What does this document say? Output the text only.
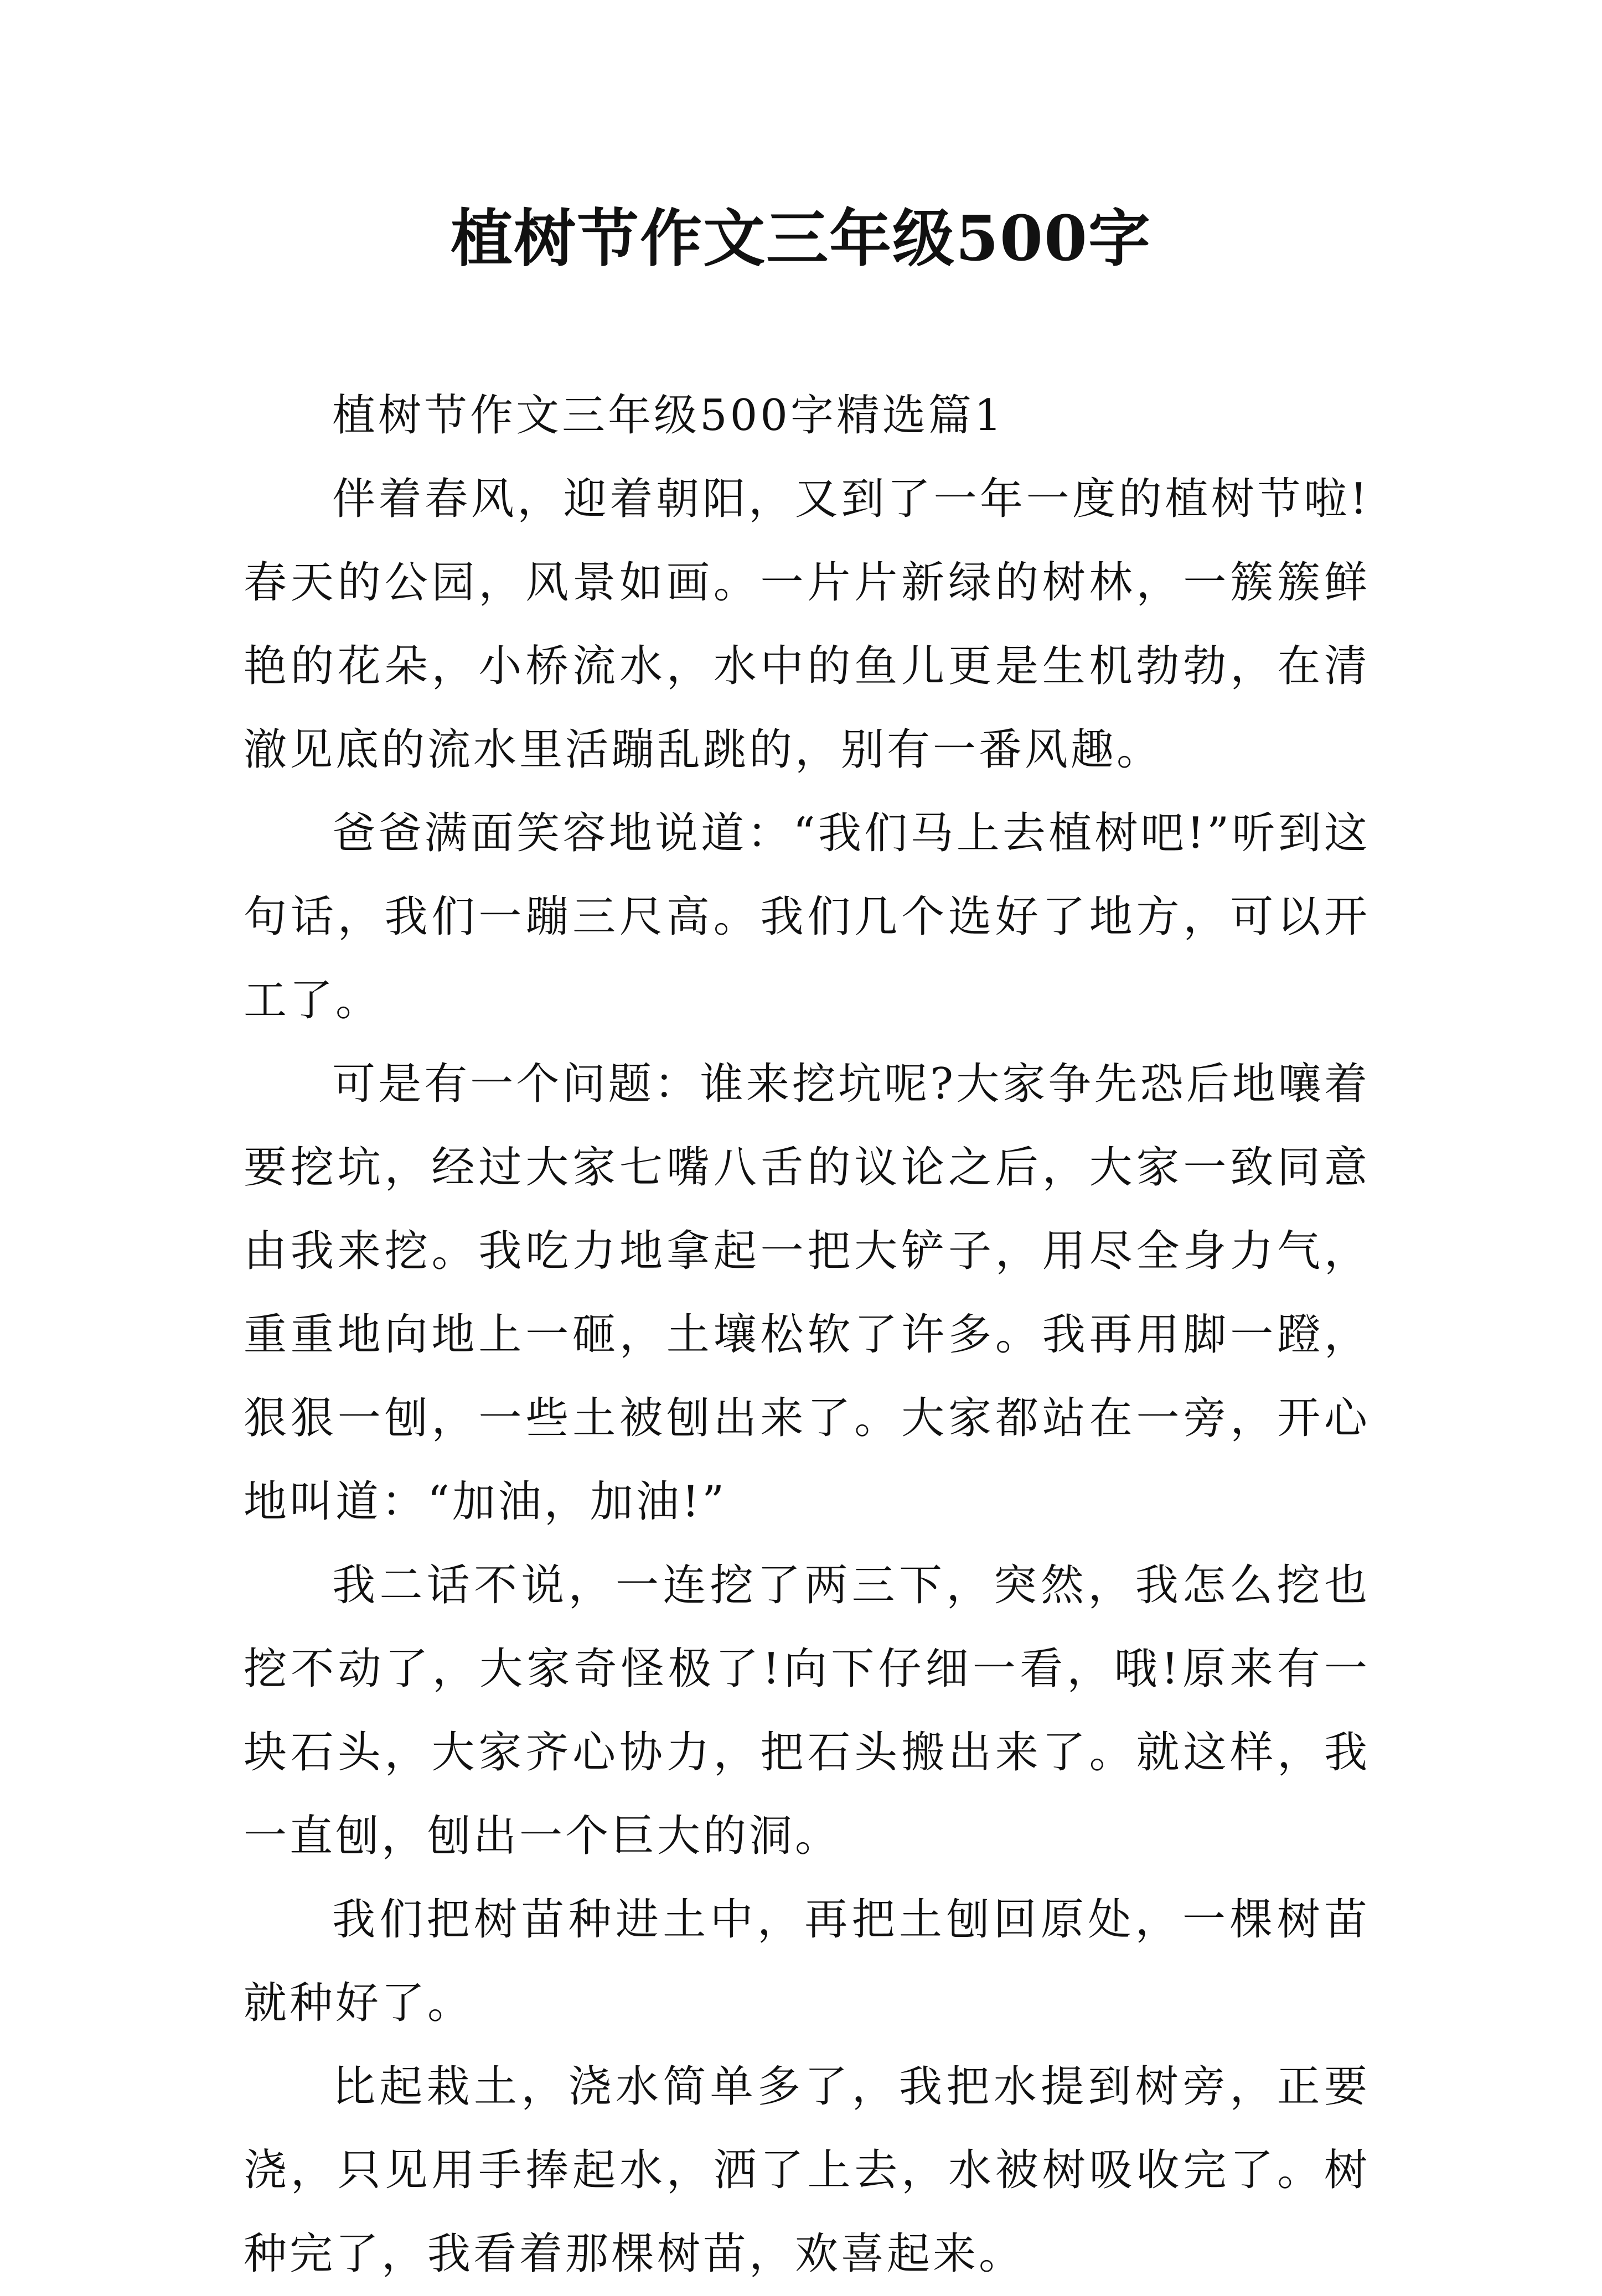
植树节作文三年级500字

植树节作文三年级500字精选篇1

伴着春风，迎着朝阳，又到了一年一度的植树节啦!春天的公园，风景如画。一片片新绿的树林，一簇簇鲜艳的花朵，小桥流水，水中的鱼儿更是生机勃勃，在清澈见底的流水里活蹦乱跳的，别有一番风趣。

爸爸满面笑容地说道：“我们马上去植树吧!”听到这句话，我们一蹦三尺高。我们几个选好了地方，可以开工了。

可是有一个问题：谁来挖坑呢?大家争先恐后地嚷着要挖坑，经过大家七嘴八舌的议论之后，大家一致同意由我来挖。我吃力地拿起一把大铲子，用尽全身力气，重重地向地上一砸，土壤松软了许多。我再用脚一蹬，狠狠一刨，一些土被刨出来了。大家都站在一旁，开心地叫道：“加油，加油!”

我二话不说，一连挖了两三下，突然，我怎么挖也挖不动了，大家奇怪极了!向下仔细一看，哦!原来有一块石头，大家齐心协力，把石头搬出来了。就这样，我一直刨，刨出一个巨大的洞。

我们把树苗种进土中，再把土刨回原处，一棵树苗就种好了。

比起栽土，浇水简单多了，我把水提到树旁，正要浇，只见用手捧起水，洒了上去，水被树吸收完了。树种完了，我看着那棵树苗，欢喜起来。
